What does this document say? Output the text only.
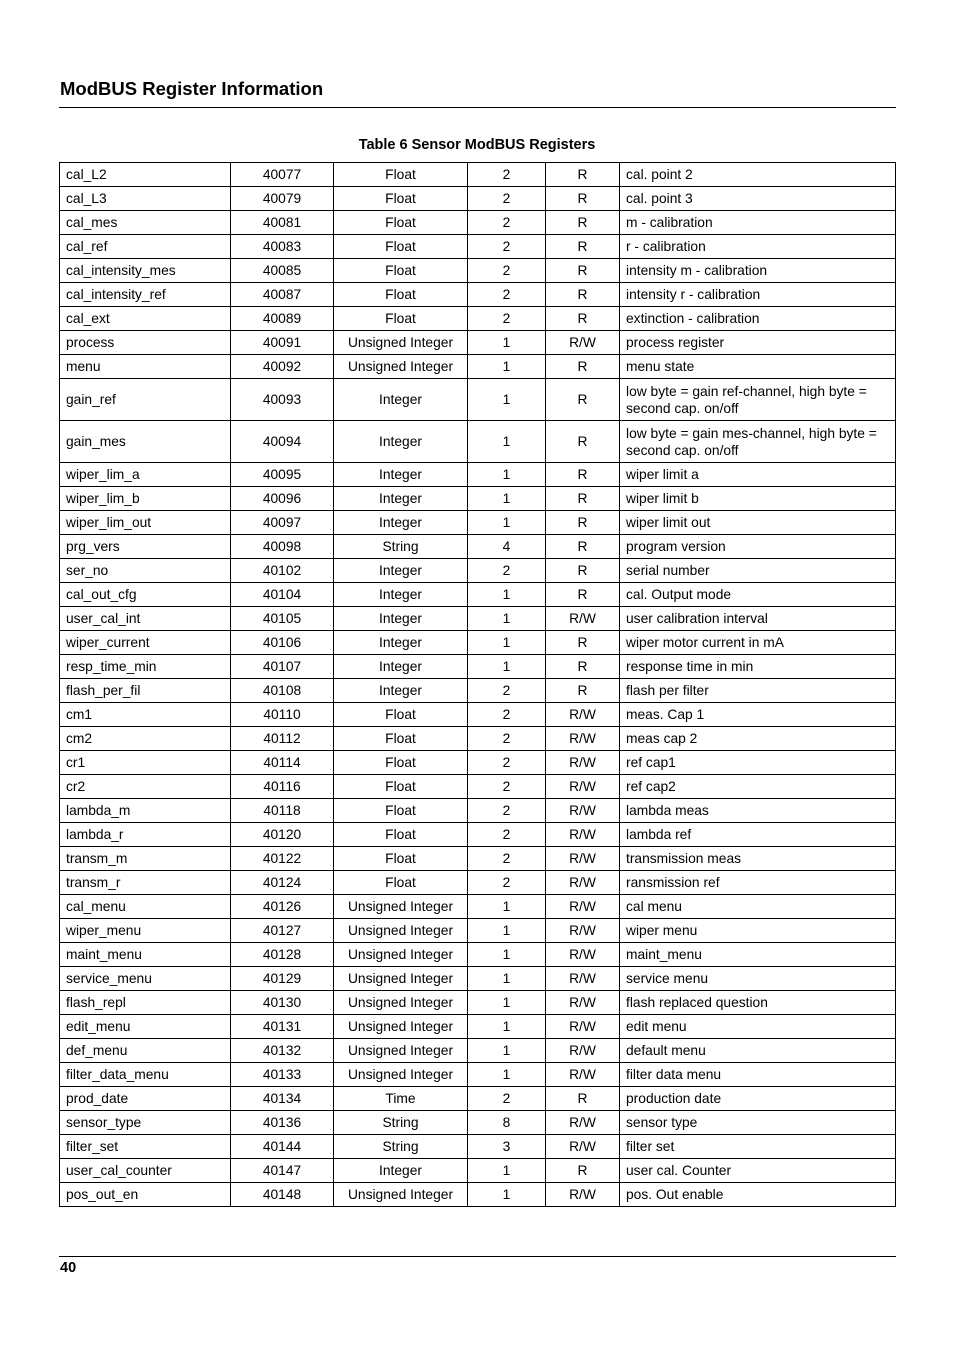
ModBUS Register Information
Table 6 Sensor ModBUS Registers
cal_L2	40077	Float	2	R	cal. point 2
cal_L3	40079	Float	2	R	cal. point 3
cal_mes	40081	Float	2	R	m - calibration
cal_ref	40083	Float	2	R	r - calibration
cal_intensity_mes	40085	Float	2	R	intensity m - calibration
cal_intensity_ref	40087	Float	2	R	intensity r - calibration
cal_ext	40089	Float	2	R	extinction - calibration
process	40091	Unsigned Integer	1	R/W	process register
menu	40092	Unsigned Integer	1	R	menu state
gain_ref	40093	Integer	1	R	low byte = gain ref-channel, high byte = second cap. on/off
gain_mes	40094	Integer	1	R	low byte = gain mes-channel, high byte = second cap. on/off
wiper_lim_a	40095	Integer	1	R	wiper limit a
wiper_lim_b	40096	Integer	1	R	wiper limit b
wiper_lim_out	40097	Integer	1	R	wiper limit out
prg_vers	40098	String	4	R	program version
ser_no	40102	Integer	2	R	serial number
cal_out_cfg	40104	Integer	1	R	cal. Output mode
user_cal_int	40105	Integer	1	R/W	user calibration interval
wiper_current	40106	Integer	1	R	wiper motor current in mA
resp_time_min	40107	Integer	1	R	response time in min
flash_per_fil	40108	Integer	2	R	flash per filter
cm1	40110	Float	2	R/W	meas. Cap 1
cm2	40112	Float	2	R/W	meas cap 2
cr1	40114	Float	2	R/W	ref cap1
cr2	40116	Float	2	R/W	ref cap2
lambda_m	40118	Float	2	R/W	lambda meas
lambda_r	40120	Float	2	R/W	lambda ref
transm_m	40122	Float	2	R/W	transmission meas
transm_r	40124	Float	2	R/W	ransmission ref
cal_menu	40126	Unsigned Integer	1	R/W	cal menu
wiper_menu	40127	Unsigned Integer	1	R/W	wiper menu
maint_menu	40128	Unsigned Integer	1	R/W	maint_menu
service_menu	40129	Unsigned Integer	1	R/W	service menu
flash_repl	40130	Unsigned Integer	1	R/W	flash replaced question
edit_menu	40131	Unsigned Integer	1	R/W	edit menu
def_menu	40132	Unsigned Integer	1	R/W	default menu
filter_data_menu	40133	Unsigned Integer	1	R/W	filter data menu
prod_date	40134	Time	2	R	production date
sensor_type	40136	String	8	R/W	sensor type
filter_set	40144	String	3	R/W	filter set
user_cal_counter	40147	Integer	1	R	user cal. Counter
pos_out_en	40148	Unsigned Integer	1	R/W	pos. Out enable
40
